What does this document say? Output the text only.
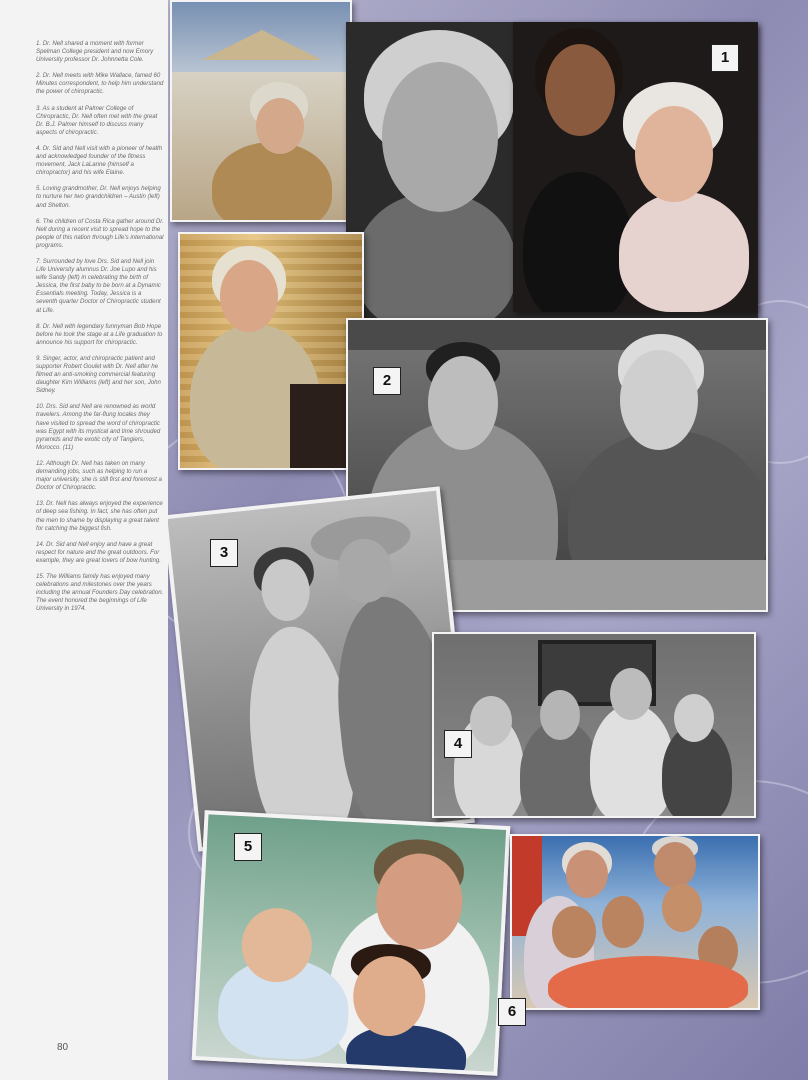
1. Dr. Nell shared a moment with former Spelman College president and now Emory University professor Dr. Johnnetta Cole.

2. Dr. Nell meets with Mike Wallace, famed 60 Minutes correspondent, to help him understand the power of chiropractic.

3. As a student at Palmer College of Chiropractic, Dr. Nell often met with the great Dr. B.J. Palmer himself to discuss many aspects of chiropractic.

4. Dr. Sid and Nell visit with a pioneer of health and acknowledged founder of the fitness movement, Jack LaLanne (himself a chiropractor) and his wife Elaine.

5. Loving grandmother, Dr. Nell enjoys helping to nurture her two grandchildren – Austin (left) and Shelton.

6. The children of Costa Rica gather around Dr. Nell during a recent visit to spread hope to the people of this nation through Life's international programs.

7. Surrounded by love Drs. Sid and Nell join Life University alumnus Dr. Joe Lupo and his wife Sandy (left) in celebrating the birth of Jessica, the first baby to be born at a Dynamic Essentials meeting. Today, Jessica is a seventh quarter Doctor of Chiropractic student at Life.

8. Dr. Nell with legendary funnyman Bob Hope before he took the stage at a Life graduation to announce his support for chiropractic.

9. Singer, actor, and chiropractic patient and supporter Robert Goulet with Dr. Nell after he filmed an anti-smoking commercial featuring daughter Kim Williams (left) and her son, John Sidney.

10. Drs. Sid and Nell are renowned as world travelers. Among the far-flung locales they have visited to spread the word of chiropractic was Egypt with its mystical and time shrouded pyramids and the exotic city of Tangiers, Morocco. (11)

12. Although Dr. Nell has taken on many demanding jobs, such as helping to run a major university, she is still first and foremost a Doctor of Chiropractic.

13. Dr. Nell has always enjoyed the experience of deep sea fishing. In fact, she has often put the men to shame by displaying a great talent for catching the biggest fish.

14. Dr. Sid and Nell enjoy and have a great respect for nature and the great outdoors. For example, they are great lovers of bow hunting.

15. The Williams family has enjoyed many celebrations and milestones over the years including the annual Founders Day celebration. The event honored the beginnings of Life University in 1974.

80
1
2
3
4
5
6
